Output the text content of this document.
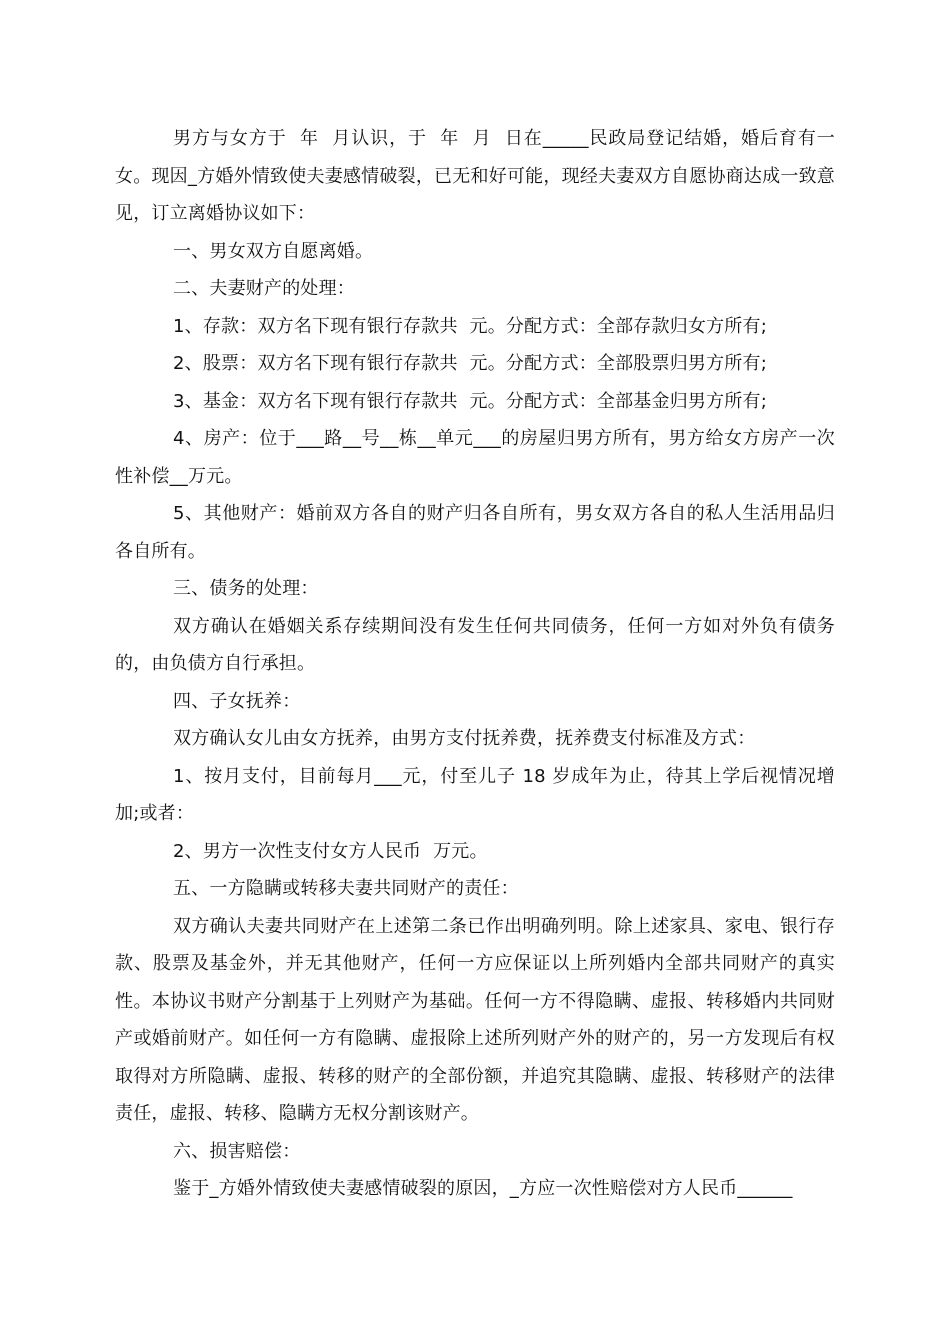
男方与女方于  年  月认识，于  年  月  日在_____民政局登记结婚，婚后育有一女。现因_方婚外情致使夫妻感情破裂，已无和好可能，现经夫妻双方自愿协商达成一致意见，订立离婚协议如下：

一、男女双方自愿离婚。

二、夫妻财产的处理：

1、存款：双方名下现有银行存款共  元。分配方式：全部存款归女方所有;

2、股票：双方名下现有银行存款共  元。分配方式：全部股票归男方所有;

3、基金：双方名下现有银行存款共  元。分配方式：全部基金归男方所有;

4、房产：位于___路__号__栋__单元___的房屋归男方所有，男方给女方房产一次性补偿__万元。

5、其他财产：婚前双方各自的财产归各自所有，男女双方各自的私人生活用品归各自所有。

三、债务的处理：

双方确认在婚姻关系存续期间没有发生任何共同债务，任何一方如对外负有债务的，由负债方自行承担。

四、子女抚养：

双方确认女儿由女方抚养，由男方支付抚养费，抚养费支付标准及方式：

1、按月支付，目前每月___元，付至儿子 18 岁成年为止，待其上学后视情况增加;或者：

2、男方一次性支付女方人民币  万元。

五、一方隐瞒或转移夫妻共同财产的责任：

双方确认夫妻共同财产在上述第二条已作出明确列明。除上述家具、家电、银行存款、股票及基金外，并无其他财产，任何一方应保证以上所列婚内全部共同财产的真实性。本协议书财产分割基于上列财产为基础。任何一方不得隐瞒、虚报、转移婚内共同财产或婚前财产。如任何一方有隐瞒、虚报除上述所列财产外的财产的，另一方发现后有权取得对方所隐瞒、虚报、转移的财产的全部份额，并追究其隐瞒、虚报、转移财产的法律责任，虚报、转移、隐瞒方无权分割该财产。

六、损害赔偿：

鉴于_方婚外情致使夫妻感情破裂的原因，_方应一次性赔偿对方人民币______
